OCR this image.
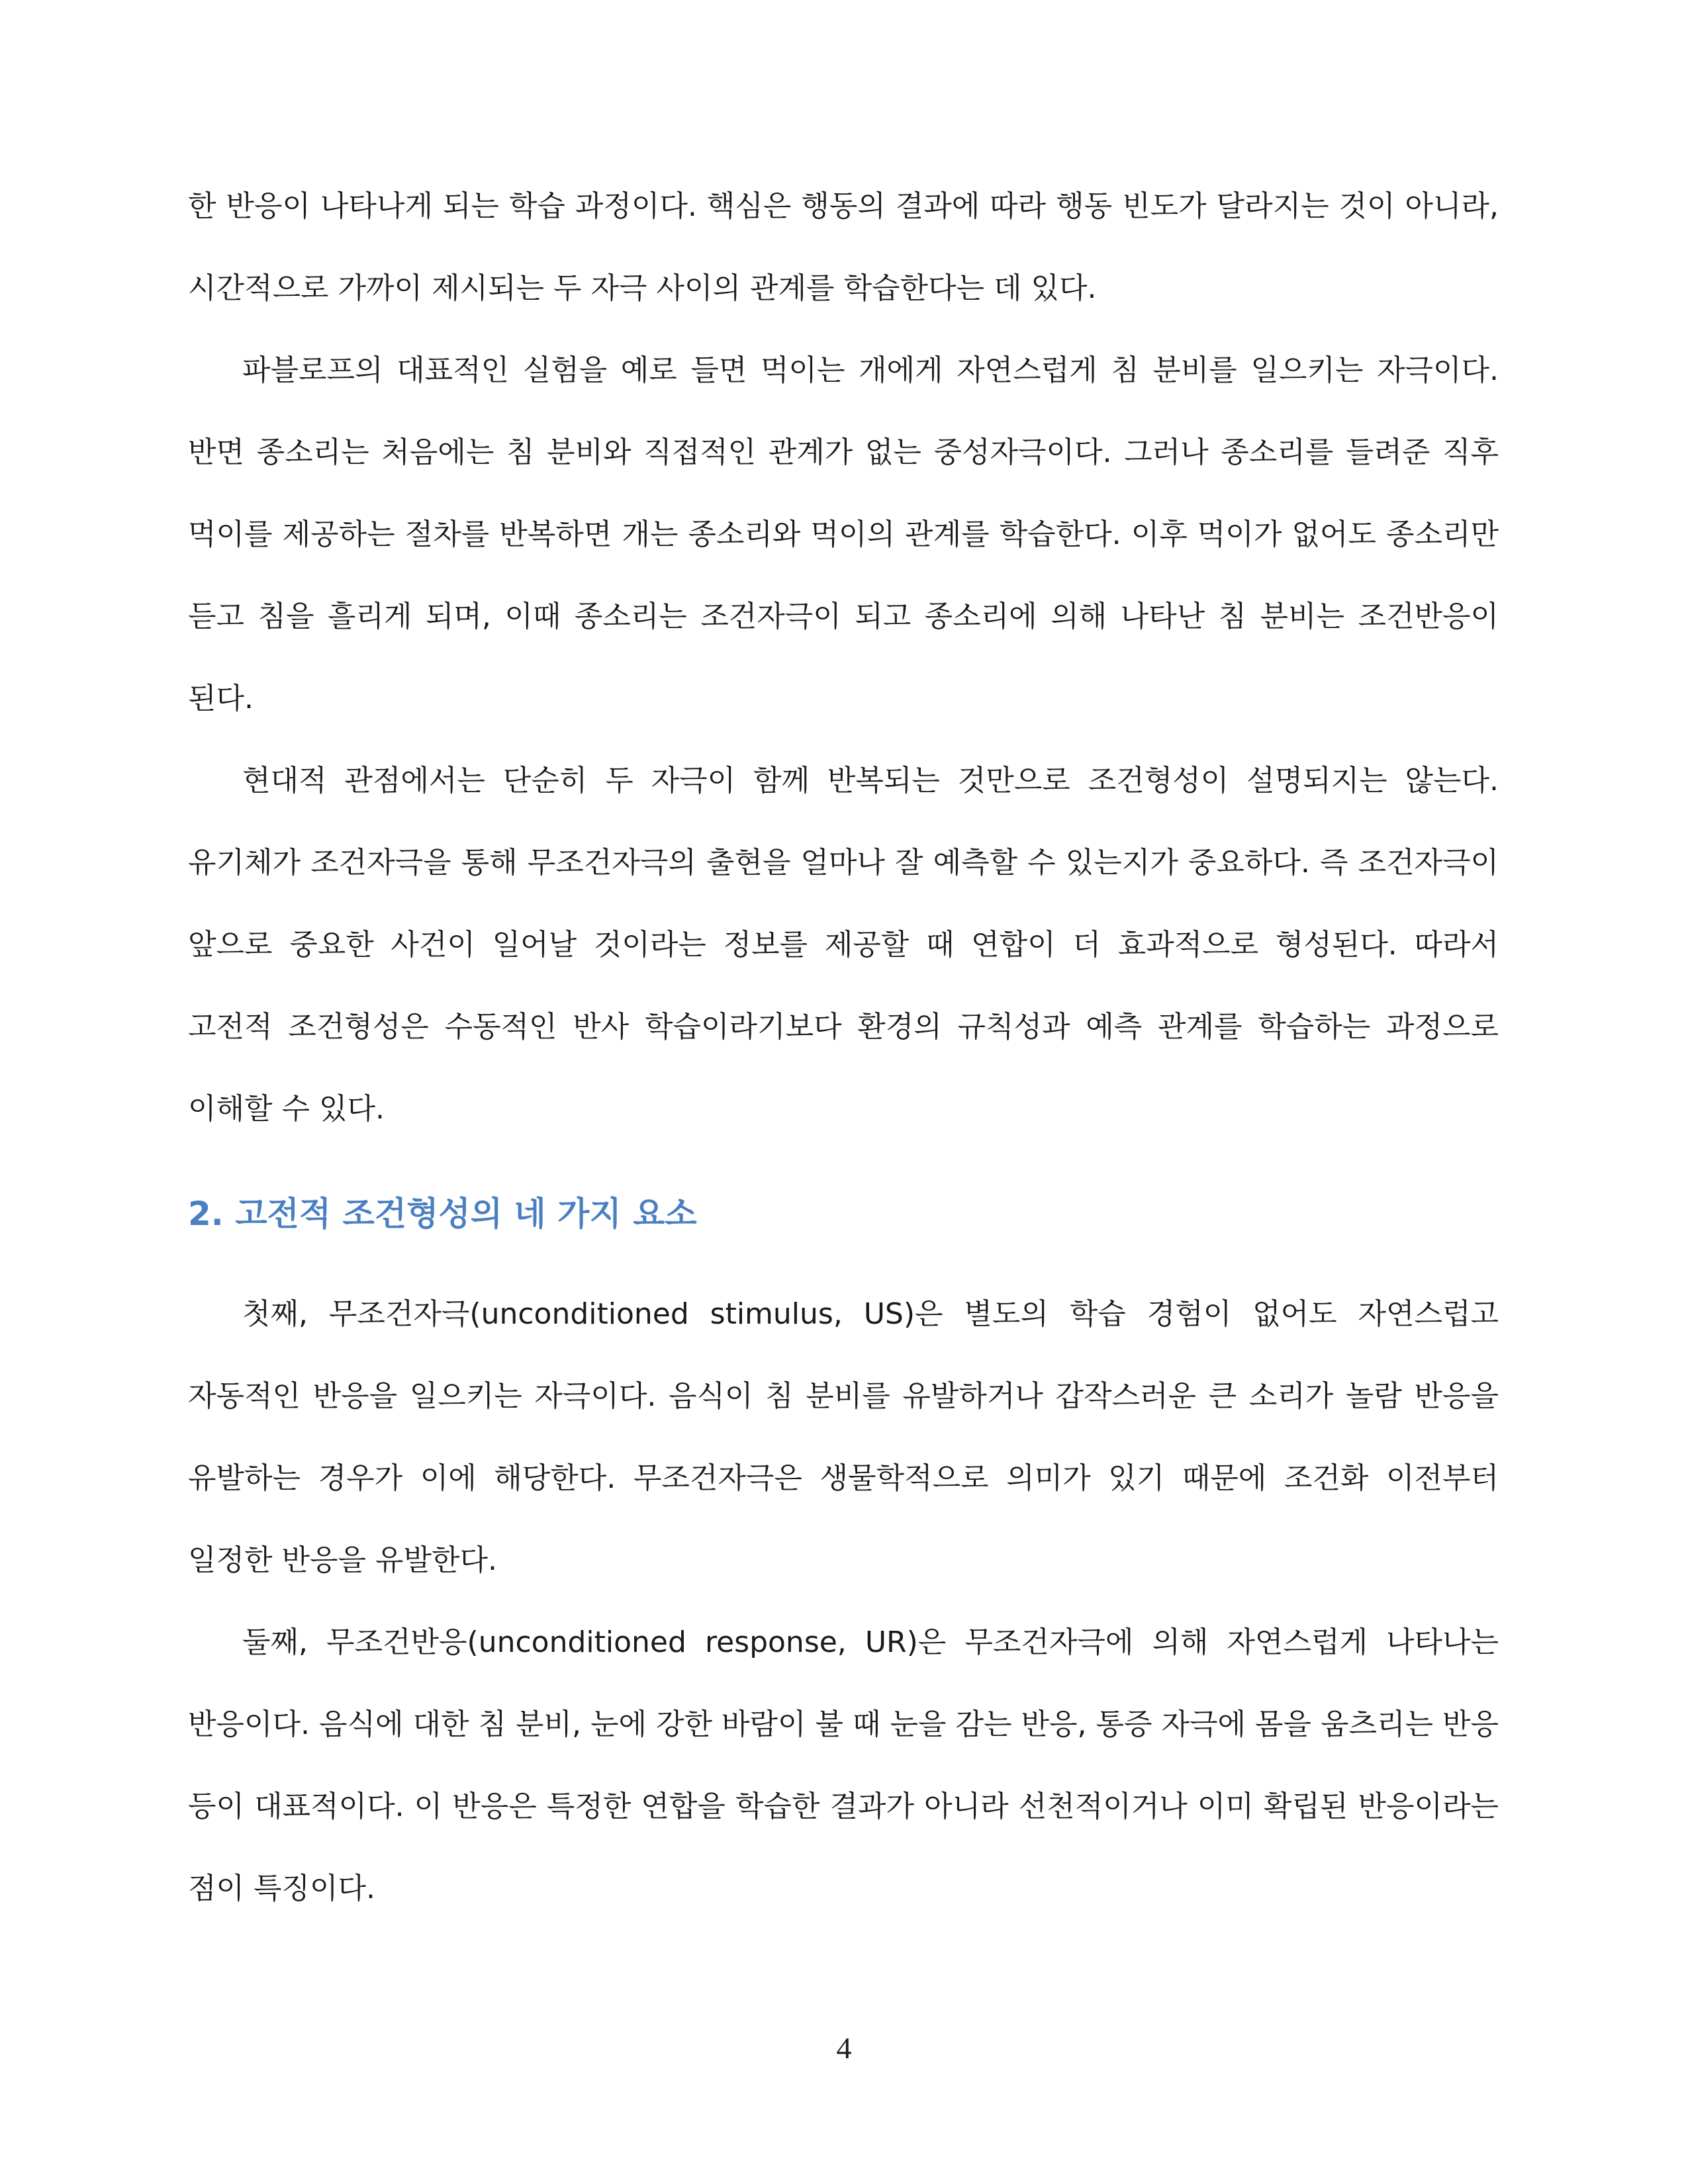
한 반응이 나타나게 되는 학습 과정이다. 핵심은 행동의 결과에 따라 행동 빈도가 달라지는 것이 아니라, 시간적으로 가까이 제시되는 두 자극 사이의 관계를 학습한다는 데 있다.

파블로프의 대표적인 실험을 예로 들면 먹이는 개에게 자연스럽게 침 분비를 일으키는 자극이다. 반면 종소리는 처음에는 침 분비와 직접적인 관계가 없는 중성자극이다. 그러나 종소리를 들려준 직후 먹이를 제공하는 절차를 반복하면 개는 종소리와 먹이의 관계를 학습한다. 이후 먹이가 없어도 종소리만 듣고 침을 흘리게 되며, 이때 종소리는 조건자극이 되고 종소리에 의해 나타난 침 분비는 조건반응이 된다.

현대적 관점에서는 단순히 두 자극이 함께 반복되는 것만으로 조건형성이 설명되지는 않는다. 유기체가 조건자극을 통해 무조건자극의 출현을 얼마나 잘 예측할 수 있는지가 중요하다. 즉 조건자극이 앞으로 중요한 사건이 일어날 것이라는 정보를 제공할 때 연합이 더 효과적으로 형성된다. 따라서 고전적 조건형성은 수동적인 반사 학습이라기보다 환경의 규칙성과 예측 관계를 학습하는 과정으로 이해할 수 있다.

2. 고전적 조건형성의 네 가지 요소

첫째, 무조건자극(unconditioned stimulus, US)은 별도의 학습 경험이 없어도 자연스럽고 자동적인 반응을 일으키는 자극이다. 음식이 침 분비를 유발하거나 갑작스러운 큰 소리가 놀람 반응을 유발하는 경우가 이에 해당한다. 무조건자극은 생물학적으로 의미가 있기 때문에 조건화 이전부터 일정한 반응을 유발한다.

둘째, 무조건반응(unconditioned response, UR)은 무조건자극에 의해 자연스럽게 나타나는 반응이다. 음식에 대한 침 분비, 눈에 강한 바람이 불 때 눈을 감는 반응, 통증 자극에 몸을 움츠리는 반응 등이 대표적이다. 이 반응은 특정한 연합을 학습한 결과가 아니라 선천적이거나 이미 확립된 반응이라는 점이 특징이다.

4
